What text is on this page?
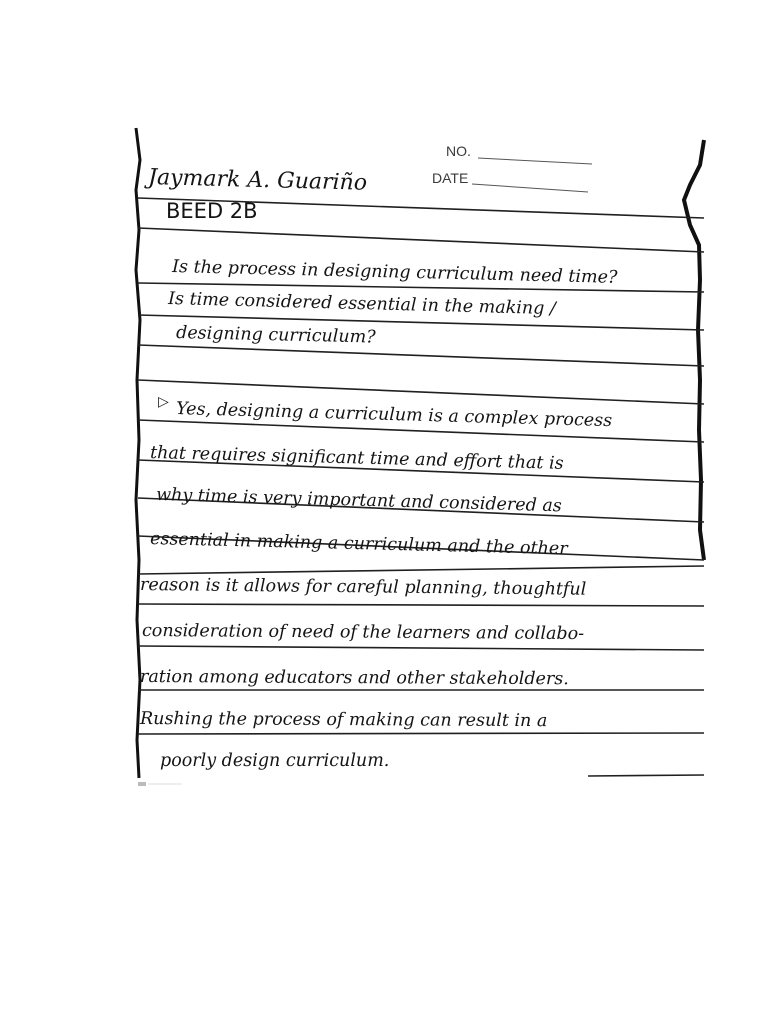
NO.
DATE
Jaymark A. Guariño
BEED 2B
Is the process in designing curriculum need time?
Is time considered essential in the making /
designing curriculum?
▷ Yes, designing a curriculum is a complex process
that requires significant time and effort that is
why time is very important and considered as
essential in making a curriculum and the other
reason is it allows for careful planning, thoughtful
consideration of need of the learners and collabo-
ration among educators and other stakeholders.
Rushing the process of making can result in a
poorly design curriculum.
